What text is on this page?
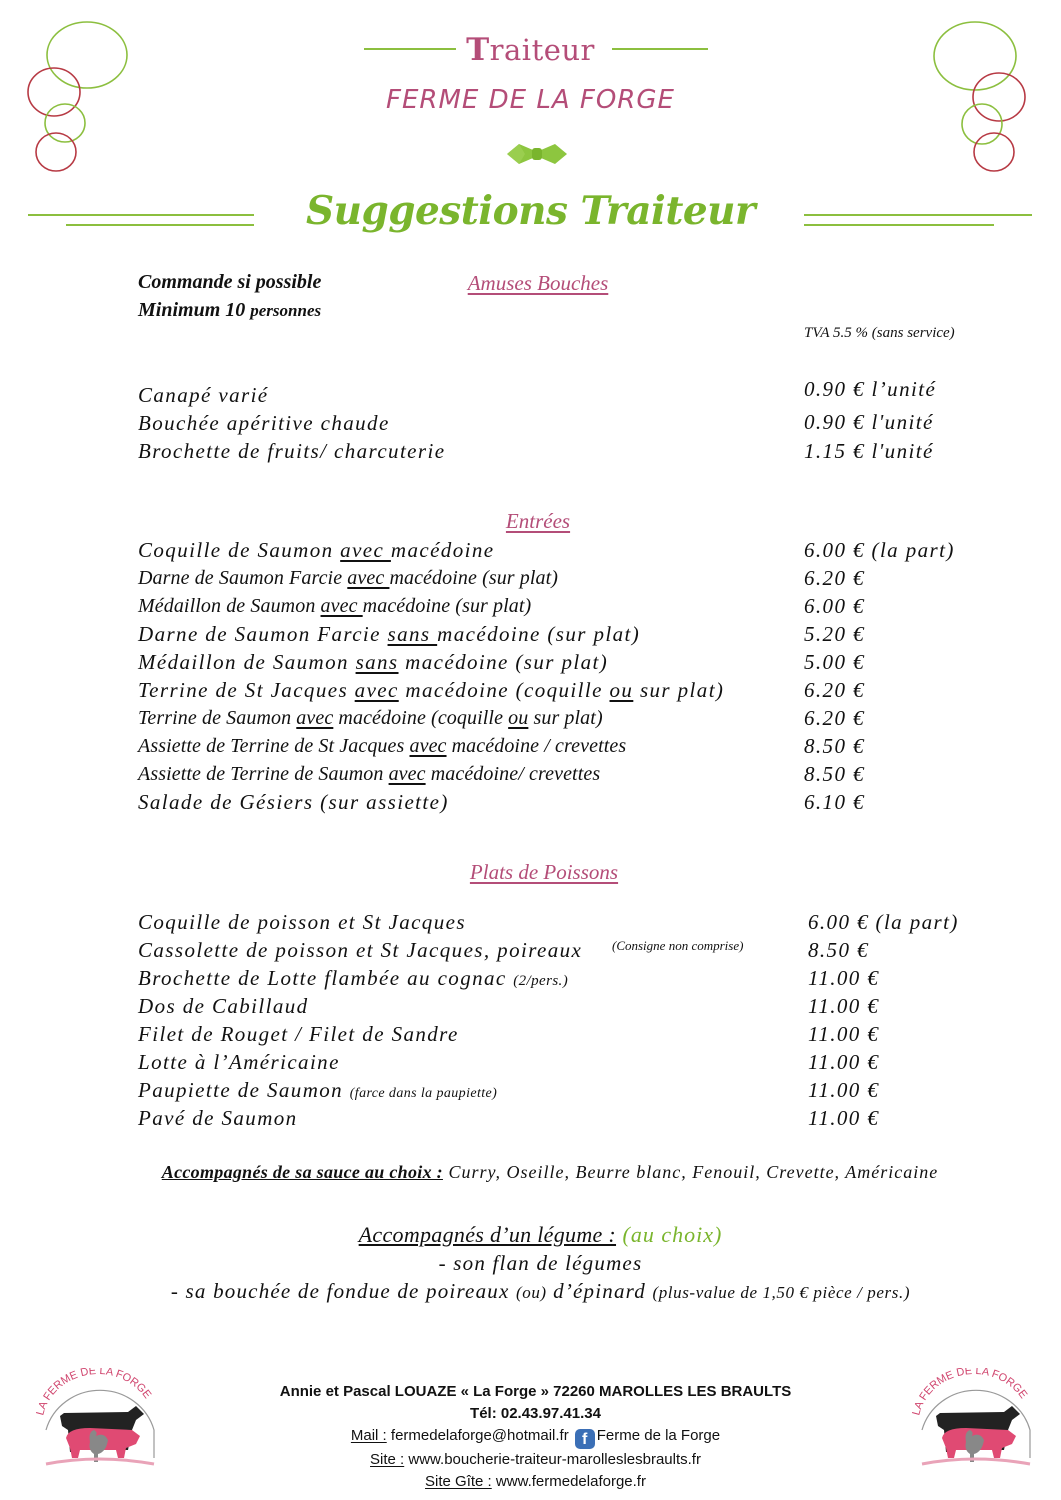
Traiteur
FERME DE LA FORGE
Suggestions Traiteur
Commande si possible
Minimum 10 personnes
Amuses Bouches
TVA 5.5 % (sans service)
Canapé varié	0.90 € l’unité
Bouchée apéritive chaude	0.90 € l'unité
Brochette de fruits/ charcuterie	1.15 € l'unité
Entrées
Coquille de Saumon avec macédoine	6.00 € (la part)
Darne de Saumon Farcie avec macédoine (sur plat)	6.20 €
Médaillon de Saumon avec macédoine (sur plat)	6.00 €
Darne de Saumon Farcie sans macédoine (sur plat)	5.20 €
Médaillon de Saumon sans macédoine (sur plat)	5.00 €
Terrine de St Jacques avec macédoine (coquille ou sur plat)	6.20 €
Terrine de Saumon avec macédoine (coquille ou sur plat)	6.20 €
Assiette de Terrine de St Jacques avec macédoine / crevettes	8.50 €
Assiette de Terrine de Saumon avec macédoine/ crevettes	8.50 €
Salade de Gésiers (sur assiette)	6.10 €
Plats de Poissons
Coquille de poisson et St Jacques	6.00 € (la part)
Cassolette de poisson et St Jacques, poireaux (Consigne non comprise)	8.50 €
Brochette de Lotte flambée au cognac (2/pers.)	11.00 €
Dos de Cabillaud	11.00 €
Filet de Rouget / Filet de Sandre	11.00 €
Lotte à l’Américaine	11.00 €
Paupiette de Saumon (farce dans la paupiette)	11.00 €
Pavé de Saumon	11.00 €
Accompagnés de sa sauce au choix : Curry, Oseille, Beurre blanc, Fenouil, Crevette, Américaine
Accompagnés d’un légume : (au choix)
- son flan de légumes
- sa bouchée de fondue de poireaux (ou) d’épinard (plus-value de 1,50 € pièce / pers.)
LA FERME DE LA FORGE
LA FERME DE LA FORGE
Annie et Pascal LOUAZE « La Forge » 72260 MAROLLES LES BRAULTS
Tél: 02.43.97.41.34
Mail : fermedelaforge@hotmail.fr f Ferme de la Forge
Site : www.boucherie-traiteur-marolleslesbraults.fr
Site Gîte : www.fermedelaforge.fr
